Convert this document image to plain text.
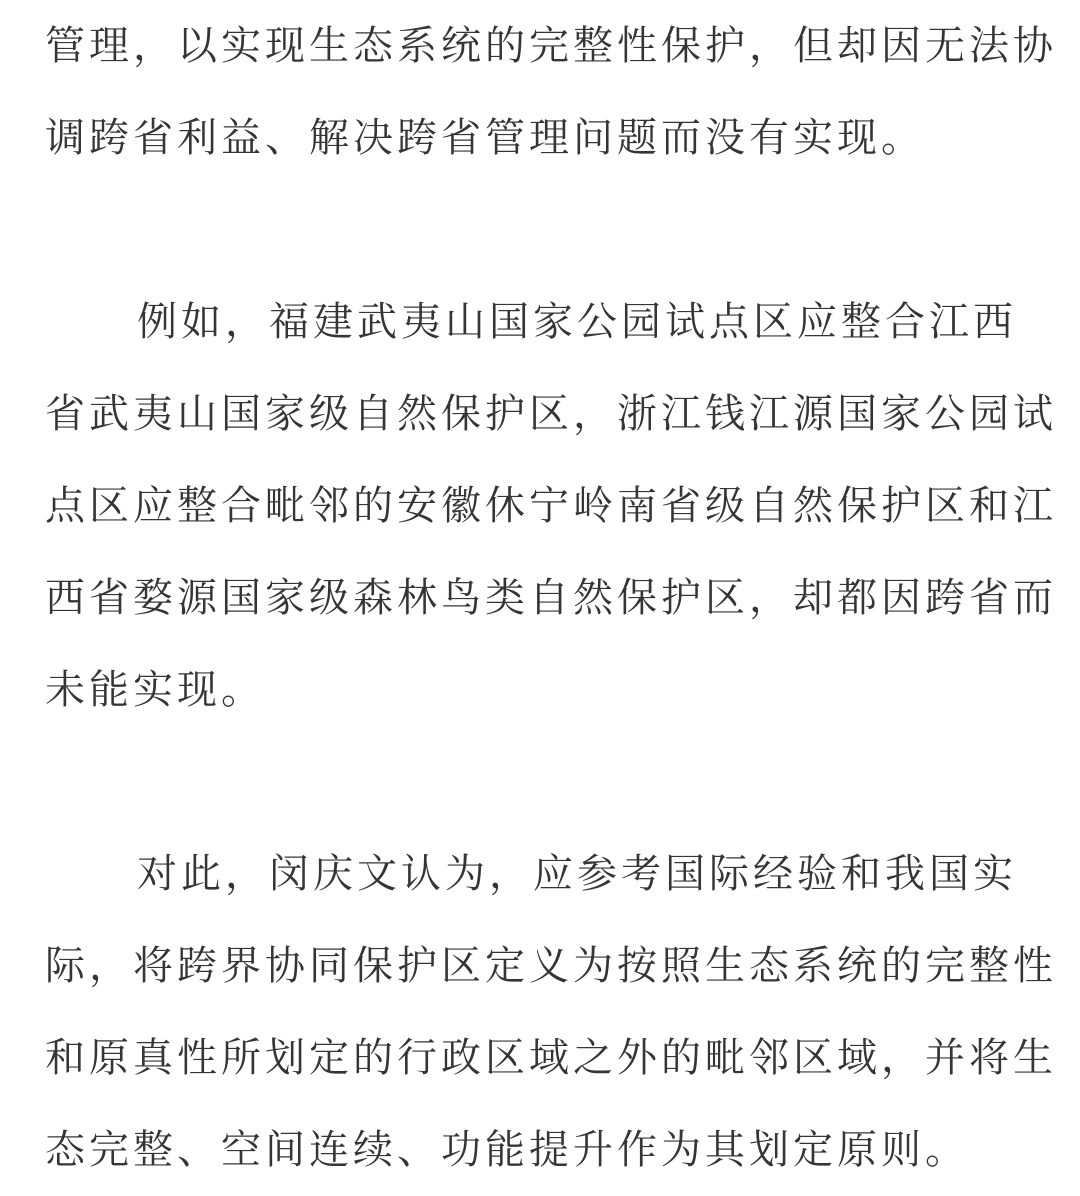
管理，以实现生态系统的完整性保护，但却因无法协
调跨省利益、解决跨省管理问题而没有实现。
例如，福建武夷山国家公园试点区应整合江西
省武夷山国家级自然保护区，浙江钱江源国家公园试
点区应整合毗邻的安徽休宁岭南省级自然保护区和江
西省婺源国家级森林鸟类自然保护区，却都因跨省而
未能实现。
对此，闵庆文认为，应参考国际经验和我国实
际，将跨界协同保护区定义为按照生态系统的完整性
和原真性所划定的行政区域之外的毗邻区域，并将生
态完整、空间连续、功能提升作为其划定原则。
